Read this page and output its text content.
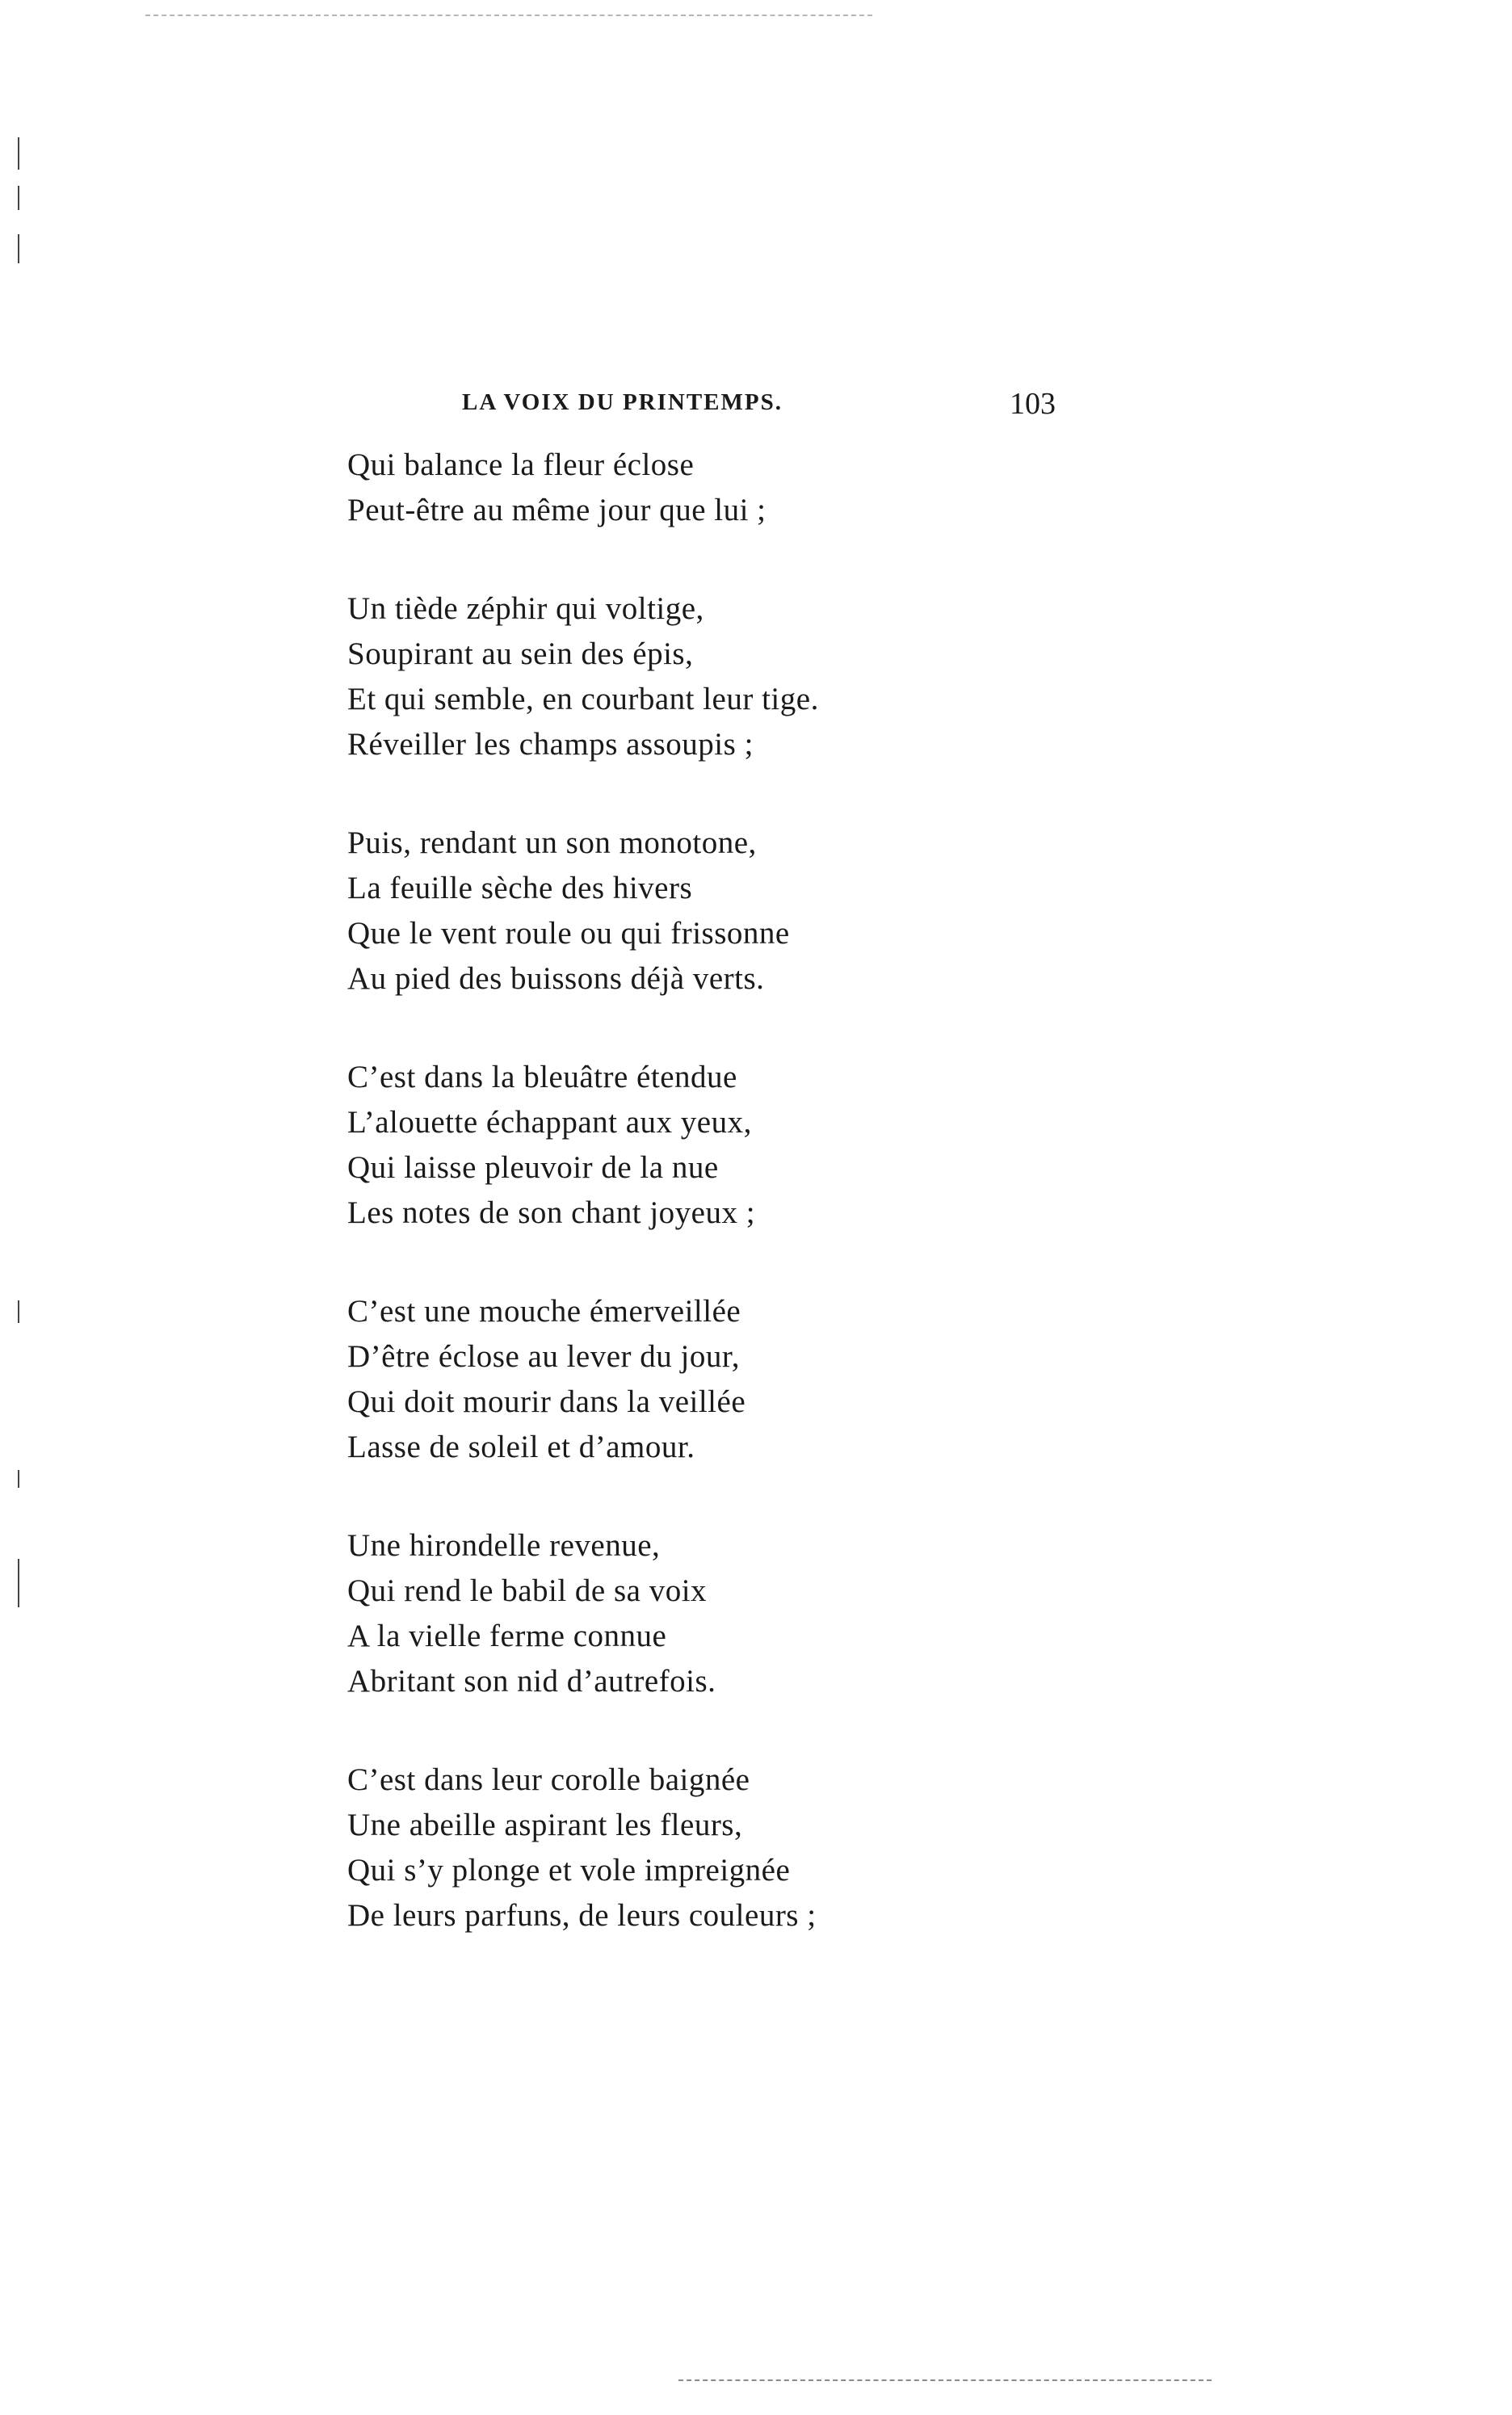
LA VOIX DU PRINTEMPS.	103
Qui balance la fleur éclose
Peut-être au même jour que lui ;
Un tiède zéphir qui voltige,
Soupirant au sein des épis,
Et qui semble, en courbant leur tige.
Réveiller les champs assoupis ;
Puis, rendant un son monotone,
La feuille sèche des hivers
Que le vent roule ou qui frissonne
Au pied des buissons déjà verts.
C’est dans la bleuâtre étendue
L’alouette échappant aux yeux,
Qui laisse pleuvoir de la nue
Les notes de son chant joyeux ;
C’est une mouche émerveillée
D’être éclose au lever du jour,
Qui doit mourir dans la veillée
Lasse de soleil et d’amour.
Une hirondelle revenue,
Qui rend le babil de sa voix
A la vielle ferme connue
Abritant son nid d’autrefois.
C’est dans leur corolle baignée
Une abeille aspirant les fleurs,
Qui s’y plonge et vole impreignée
De leurs parfuns, de leurs couleurs ;
